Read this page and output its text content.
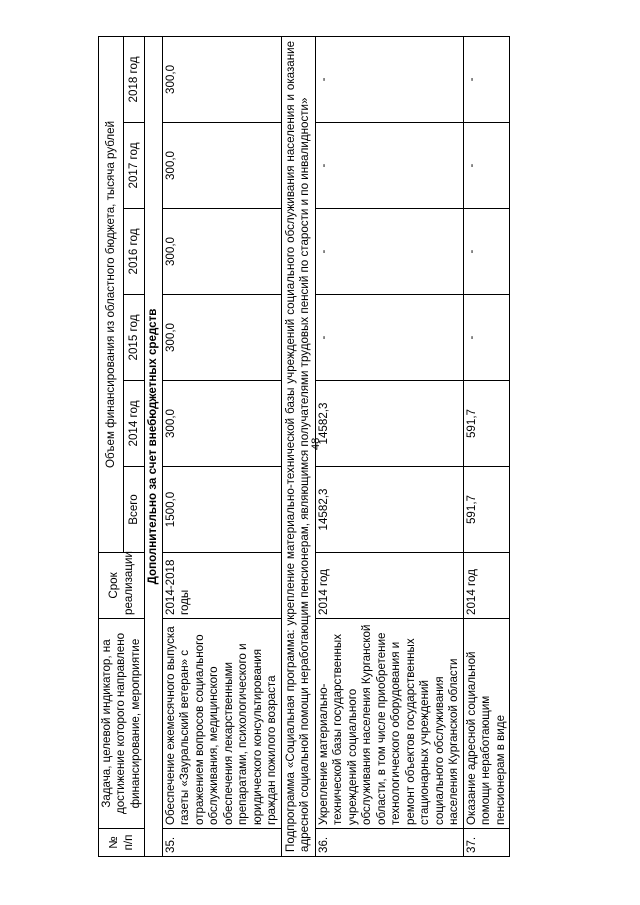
48
№ п/п	Задача, целевой индикатор, на достижение которого направлено финансирование, мероприятие	Срок реализации	Объем финансирования из областного бюджета, тысяча рублей					
			Всего	2014 год	2015 год	2016 год	2017 год	2018 год
Дополнительно за счет внебюджетных средств								
35.	Обеспечение ежемесячного выпуска газеты «Зауральский ветеран» с отражением вопросов социального обслуживания, медицинского обеспечения лекарственными препаратами, психологического и юридического консультирования граждан пожилого возраста	2014-2018 годы	1500,0	300,0	300,0	300,0	300,0	300,0
Подпрограмма «Социальная программа: укрепление материально-технической базы учреждений социального обслуживания населения и оказание адресной социальной помощи неработающим пенсионерам, являющимся получателями трудовых пенсий по старости и по инвалидности»								
36.	Укрепление материально-технической базы государственных учреждений социального обслуживания населения Курганской области, в том числе приобретение технологического оборудования и ремонт объектов государственных стационарных учреждений социального обслуживания населения Курганской области	2014 год	14582,3	14582,3	-	-	-	-
37.	Оказание адресной социальной помощи неработающим пенсионерам в виде	2014 год	591,7	591,7	-	-	-	-
